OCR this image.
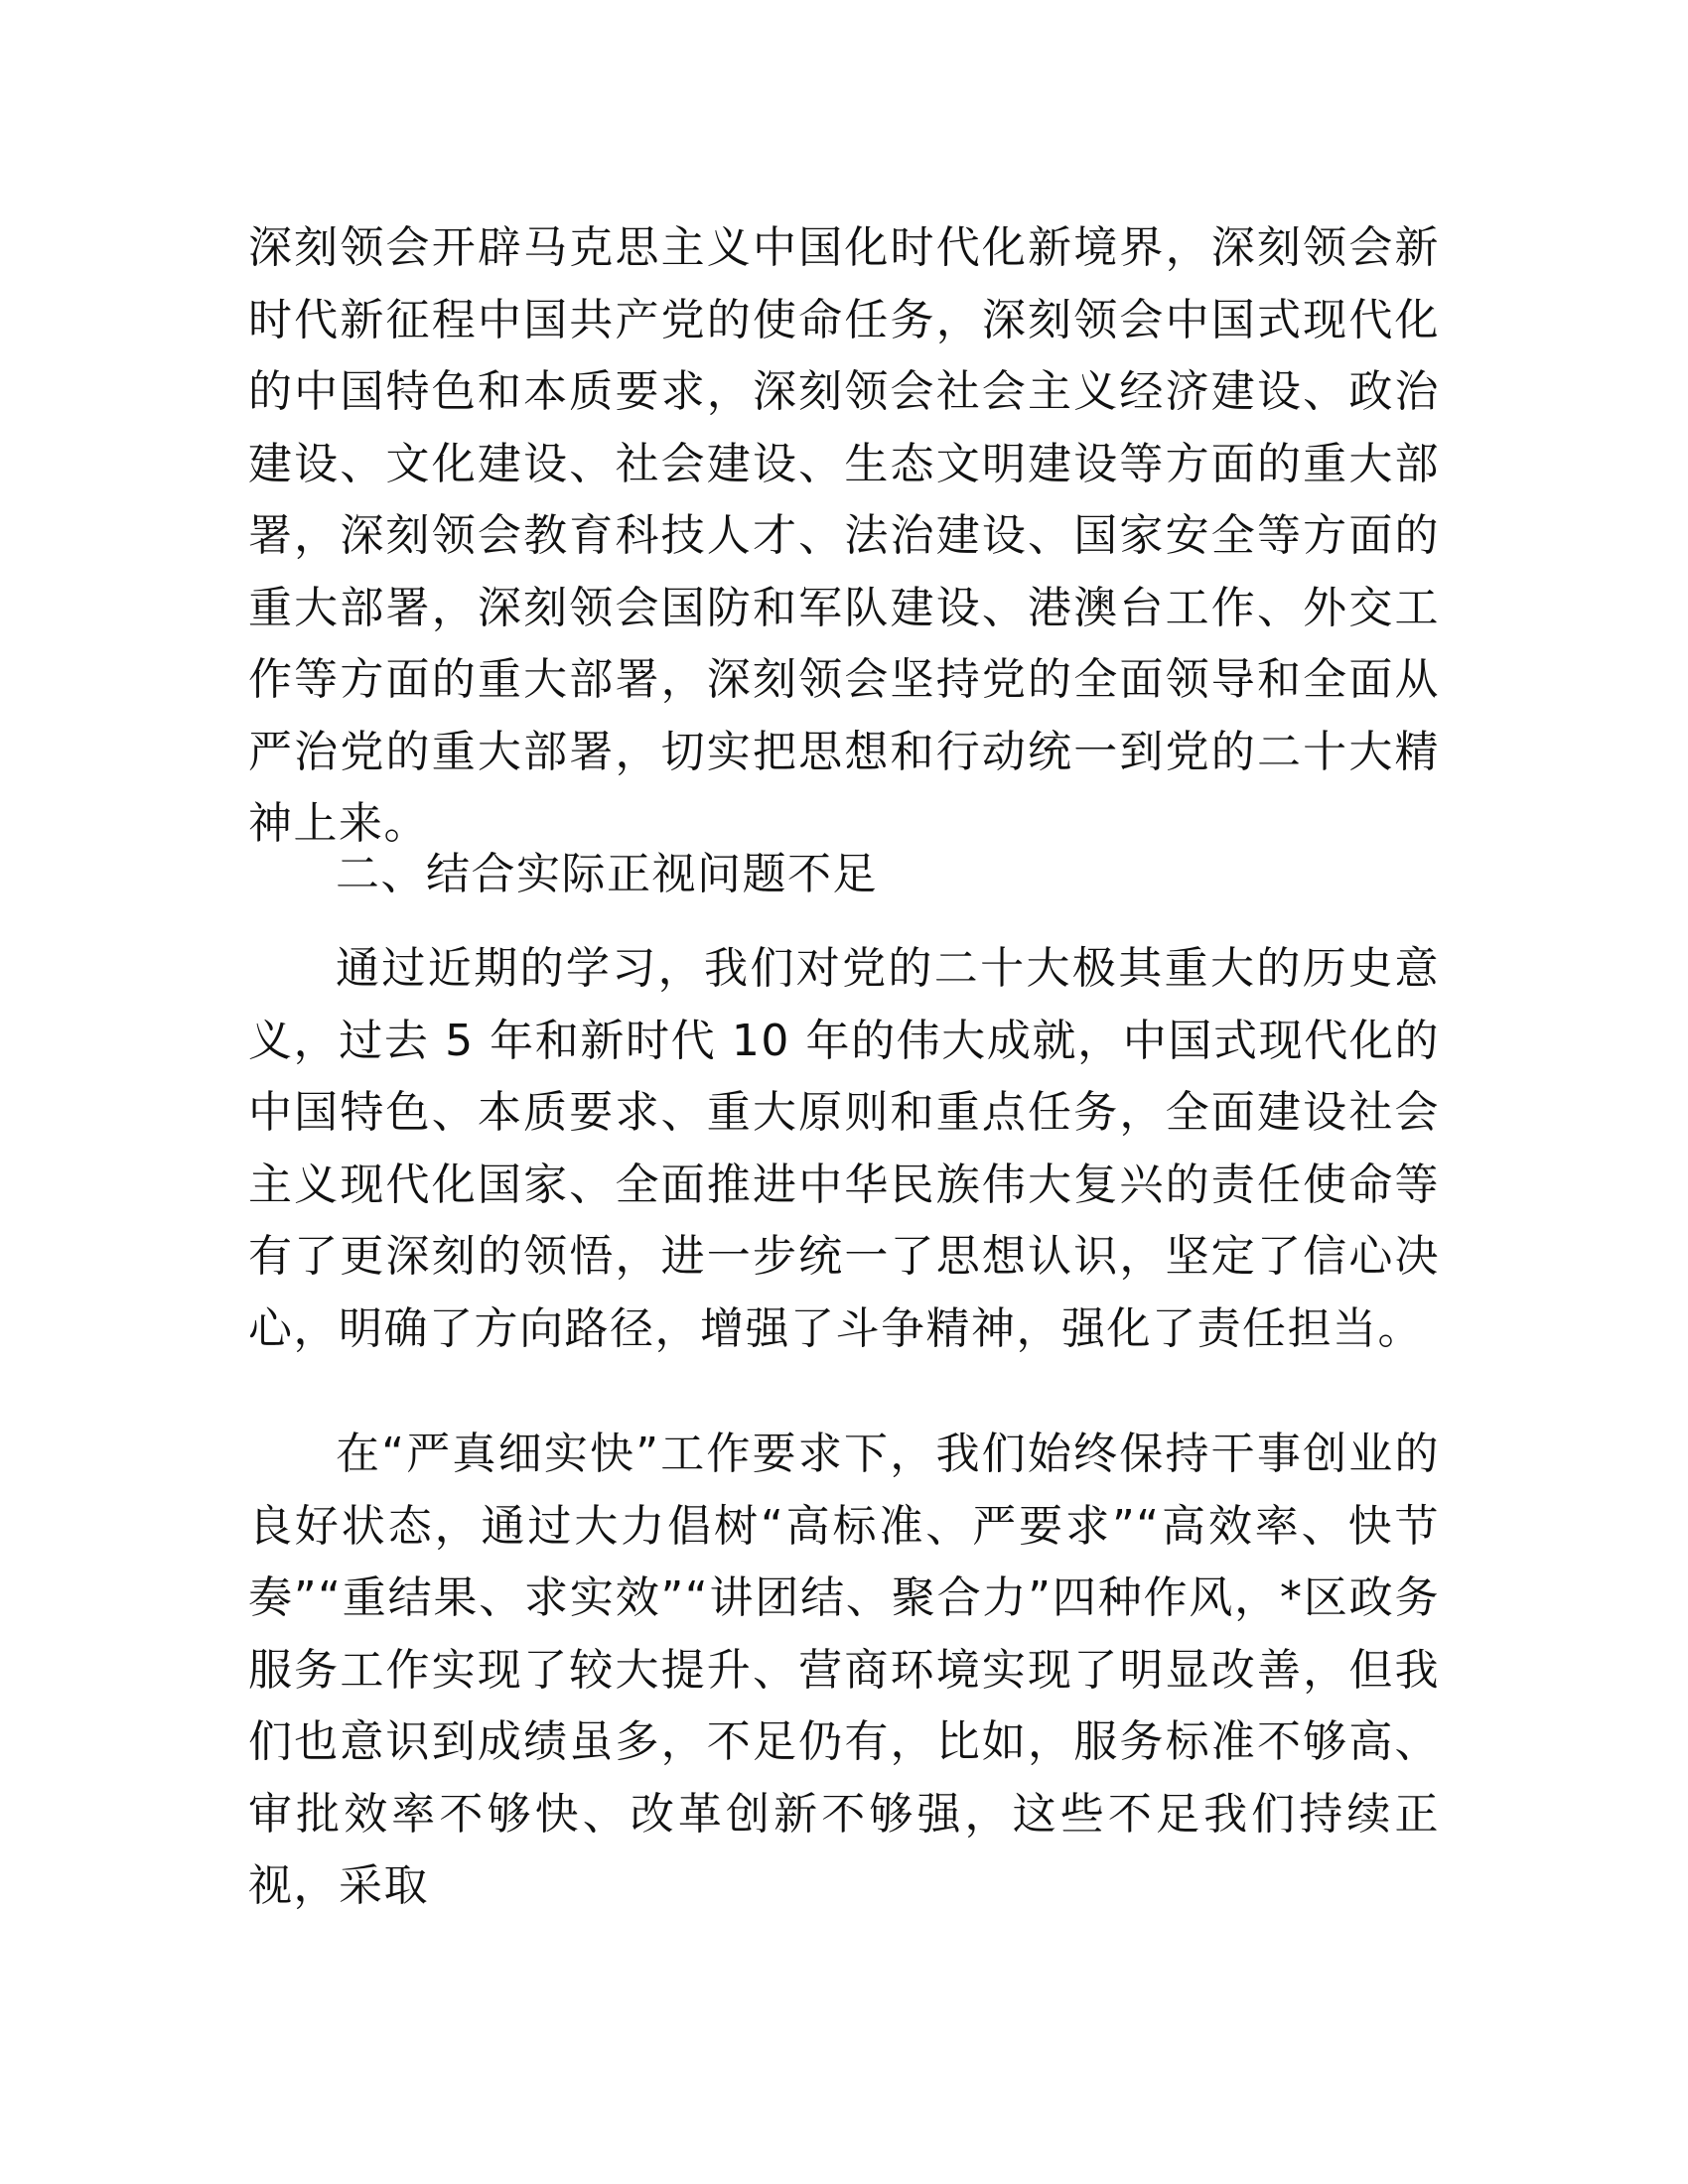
深刻领会开辟马克思主义中国化时代化新境界，深刻领会新时代新征程中国共产党的使命任务，深刻领会中国式现代化的中国特色和本质要求，深刻领会社会主义经济建设、政治建设、文化建设、社会建设、生态文明建设等方面的重大部署，深刻领会教育科技人才、法治建设、国家安全等方面的重大部署，深刻领会国防和军队建设、港澳台工作、外交工作等方面的重大部署，深刻领会坚持党的全面领导和全面从严治党的重大部署，切实把思想和行动统一到党的二十大精神上来。

二、结合实际正视问题不足

通过近期的学习，我们对党的二十大极其重大的历史意义，过去 5 年和新时代 10 年的伟大成就，中国式现代化的中国特色、本质要求、重大原则和重点任务，全面建设社会主义现代化国家、全面推进中华民族伟大复兴的责任使命等有了更深刻的领悟，进一步统一了思想认识，坚定了信心决心，明确了方向路径，增强了斗争精神，强化了责任担当。

在“严真细实快”工作要求下，我们始终保持干事创业的良好状态，通过大力倡树“高标准、严要求”“高效率、快节奏”“重结果、求实效”“讲团结、聚合力”四种作风，*区政务服务工作实现了较大提升、营商环境实现了明显改善，但我们也意识到成绩虽多，不足仍有，比如，服务标准不够高、审批效率不够快、改革创新不够强，这些不足我们持续正视，采取
